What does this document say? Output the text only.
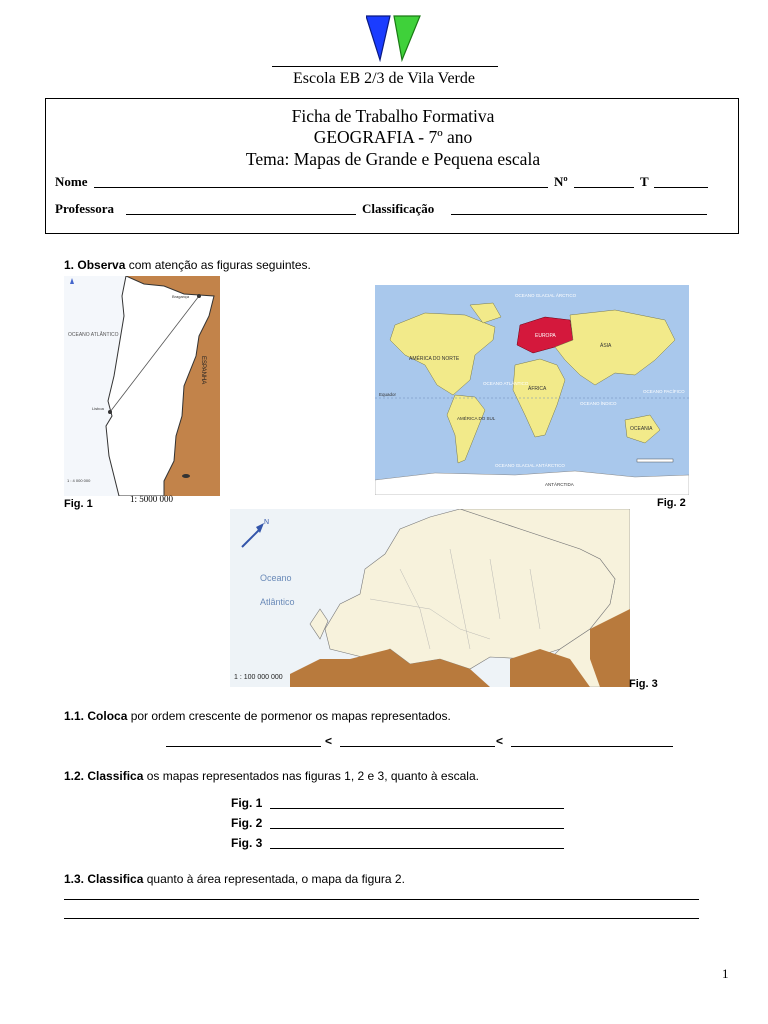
Escola EB 2/3 de Vila Verde
Ficha de Trabalho Formativa
GEOGRAFIA - 7º ano
Tema: Mapas de Grande e Pequena escala
Nome	Nº	T
Professora	Classificação
1. Observa com atenção as figuras seguintes.
ESPANHA
OCEANO ATLÂNTICO
Bragança
Lisboa
1 : 4 000 000
Fig. 1	1: 5000 000
AMÉRICA DO NORTE
EUROPA
ÁSIA
ÁFRICA
AMÉRICA DO SUL
OCEANIA
ANTÁRCTIDA
Equador
OCEANO GLACIAL ÁRCTICO
OCEANO GLACIAL ANTÁRCTICO
OCEANO ATLÂNTICO
OCEANO PACÍFICO
OCEANO ÍNDICO
Fig. 2
Oceano
Atlântico
N
1 : 100 000 000
Fig. 3
1.1. Coloca por ordem crescente de pormenor os mapas representados.
<	<
1.2. Classifica os mapas representados nas figuras 1, 2 e 3, quanto à escala.
Fig. 1
Fig. 2
Fig. 3
1.3. Classifica quanto à área representada, o mapa da figura 2.
1
